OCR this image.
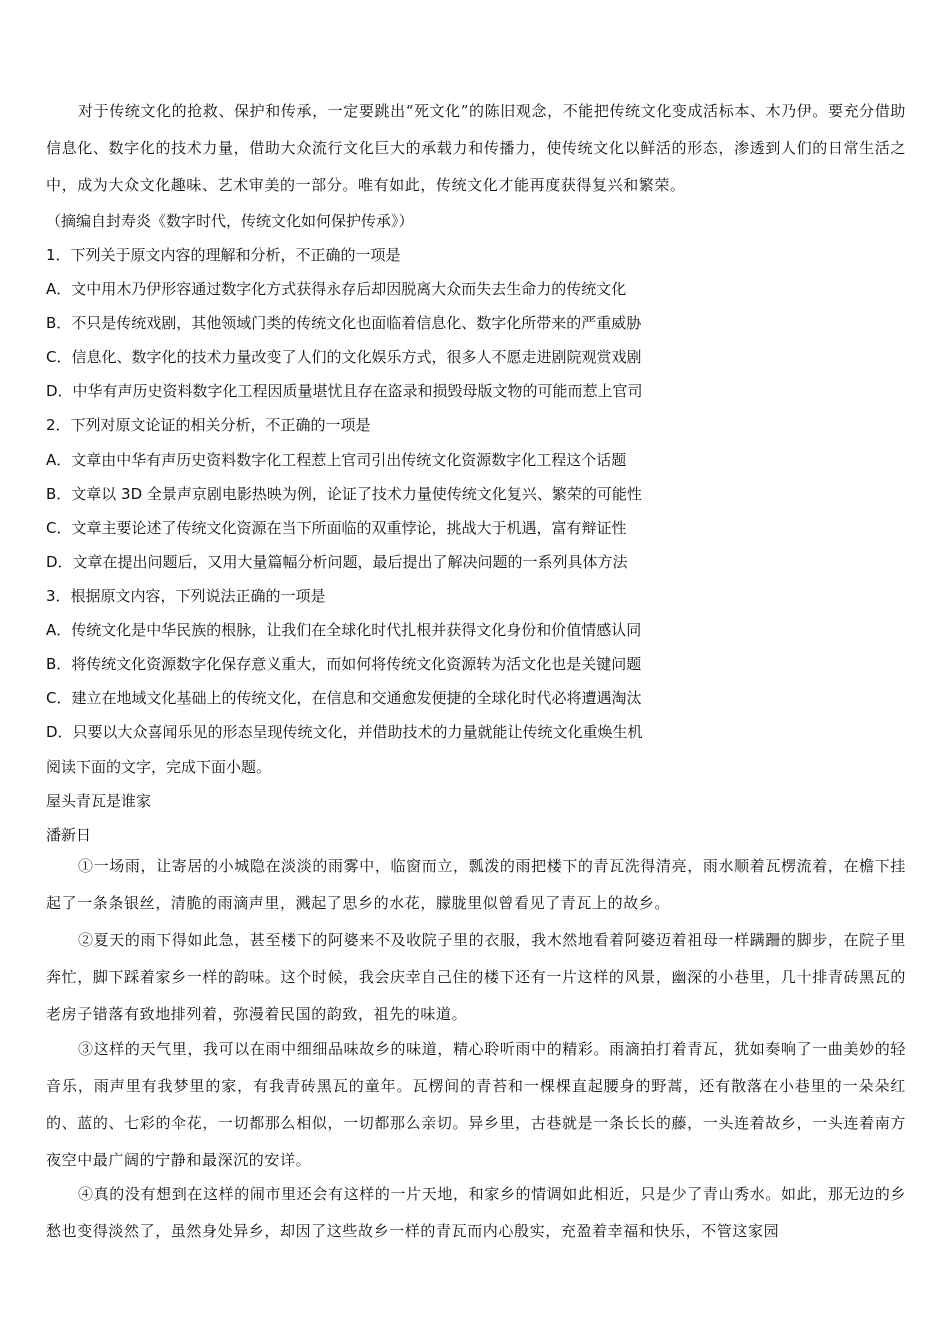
对于传统文化的抢救、保护和传承，一定要跳出“死文化”的陈旧观念，不能把传统文化变成活标本、木乃伊。要充分借助信息化、数字化的技术力量，借助大众流行文化巨大的承载力和传播力，使传统文化以鲜活的形态，渗透到人们的日常生活之中，成为大众文化趣味、艺术审美的一部分。唯有如此，传统文化才能再度获得复兴和繁荣。
（摘编自封寿炎《数字时代，传统文化如何保护传承》）
1．下列关于原文内容的理解和分析，不正确的一项是
A．文中用木乃伊形容通过数字化方式获得永存后却因脱离大众而失去生命力的传统文化
B．不只是传统戏剧，其他领域门类的传统文化也面临着信息化、数字化所带来的严重威胁
C．信息化、数字化的技术力量改变了人们的文化娱乐方式，很多人不愿走进剧院观赏戏剧
D．中华有声历史资料数字化工程因质量堪忧且存在盗录和损毁母版文物的可能而惹上官司
2．下列对原文论证的相关分析，不正确的一项是
A．文章由中华有声历史资料数字化工程惹上官司引出传统文化资源数字化工程这个话题
B．文章以 3D 全景声京剧电影热映为例，论证了技术力量使传统文化复兴、繁荣的可能性
C．文章主要论述了传统文化资源在当下所面临的双重悖论，挑战大于机遇，富有辩证性
D．文章在提出问题后，又用大量篇幅分析问题，最后提出了解决问题的一系列具体方法
3．根据原文内容，下列说法正确的一项是
A．传统文化是中华民族的根脉，让我们在全球化时代扎根并获得文化身份和价值情感认同
B．将传统文化资源数字化保存意义重大，而如何将传统文化资源转为活文化也是关键问题
C．建立在地域文化基础上的传统文化，在信息和交通愈发便捷的全球化时代必将遭遇淘汰
D．只要以大众喜闻乐见的形态呈现传统文化，并借助技术的力量就能让传统文化重焕生机
阅读下面的文字，完成下面小题。
屋头青瓦是谁家
潘新日
①一场雨，让寄居的小城隐在淡淡的雨雾中，临窗而立，瓢泼的雨把楼下的青瓦洗得清亮，雨水顺着瓦楞流着，在檐下挂起了一条条银丝，清脆的雨滴声里，溅起了思乡的水花，朦胧里似曾看见了青瓦上的故乡。
②夏天的雨下得如此急，甚至楼下的阿婆来不及收院子里的衣服，我木然地看着阿婆迈着祖母一样蹒跚的脚步，在院子里奔忙，脚下踩着家乡一样的韵味。这个时候，我会庆幸自己住的楼下还有一片这样的风景，幽深的小巷里，几十排青砖黑瓦的老房子错落有致地排列着，弥漫着民国的韵致，祖先的味道。
③这样的天气里，我可以在雨中细细品味故乡的味道，精心聆听雨中的精彩。雨滴拍打着青瓦，犹如奏响了一曲美妙的轻音乐，雨声里有我梦里的家，有我青砖黑瓦的童年。瓦楞间的青苔和一棵棵直起腰身的野蒿，还有散落在小巷里的一朵朵红的、蓝的、七彩的伞花，一切都那么相似，一切都那么亲切。异乡里，古巷就是一条长长的藤，一头连着故乡，一头连着南方夜空中最广阔的宁静和最深沉的安详。
④真的没有想到在这样的闹市里还会有这样的一片天地，和家乡的情调如此相近，只是少了青山秀水。如此，那无边的乡愁也变得淡然了，虽然身处异乡，却因了这些故乡一样的青瓦而内心殷实，充盈着幸福和快乐，不管这家园
